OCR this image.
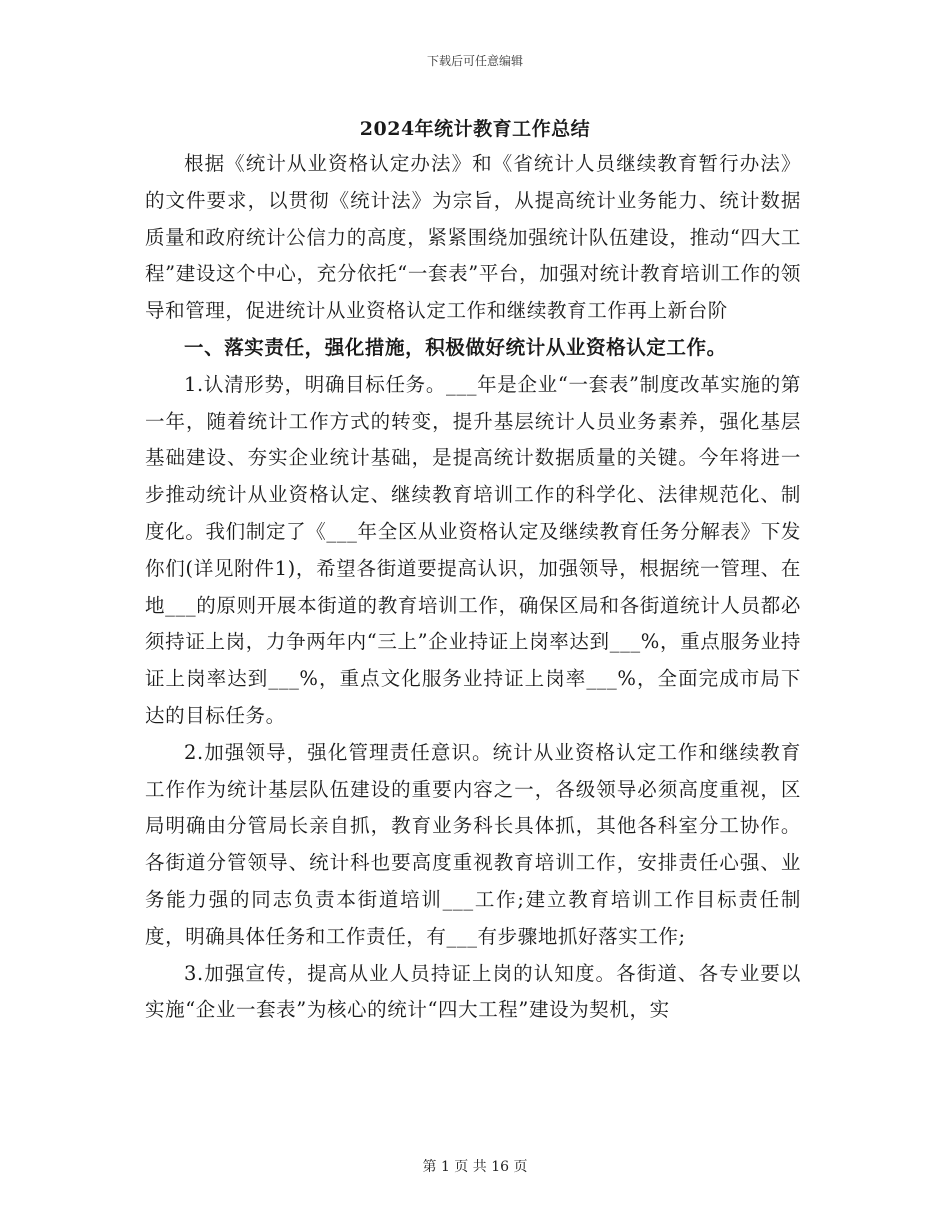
下载后可任意编辑
2024年统计教育工作总结

根据《统计从业资格认定办法》和《省统计人员继续教育暂行办法》的文件要求，以贯彻《统计法》为宗旨，从提高统计业务能力、统计数据质量和政府统计公信力的高度，紧紧围绕加强统计队伍建设，推动“四大工程”建设这个中心，充分依托“一套表”平台，加强对统计教育培训工作的领导和管理，促进统计从业资格认定工作和继续教育工作再上新台阶

一、落实责任，强化措施，积极做好统计从业资格认定工作。

1.认清形势，明确目标任务。___年是企业“一套表”制度改革实施的第一年，随着统计工作方式的转变，提升基层统计人员业务素养，强化基层基础建设、夯实企业统计基础，是提高统计数据质量的关键。今年将进一步推动统计从业资格认定、继续教育培训工作的科学化、法律规范化、制度化。我们制定了《___年全区从业资格认定及继续教育任务分解表》下发你们(详见附件1)，希望各街道要提高认识，加强领导，根据统一管理、在地___的原则开展本街道的教育培训工作，确保区局和各街道统计人员都必须持证上岗，力争两年内“三上”企业持证上岗率达到___%，重点服务业持证上岗率达到___%，重点文化服务业持证上岗率___%，全面完成市局下达的目标任务。

2.加强领导，强化管理责任意识。统计从业资格认定工作和继续教育工作作为统计基层队伍建设的重要内容之一，各级领导必须高度重视，区局明确由分管局长亲自抓，教育业务科长具体抓，其他各科室分工协作。各街道分管领导、统计科也要高度重视教育培训工作，安排责任心强、业务能力强的同志负责本街道培训___工作;建立教育培训工作目标责任制度，明确具体任务和工作责任，有___有步骤地抓好落实工作;

3.加强宣传，提高从业人员持证上岗的认知度。各街道、各专业要以实施“企业一套表”为核心的统计“四大工程”建设为契机，实

第 1 页 共 16 页
